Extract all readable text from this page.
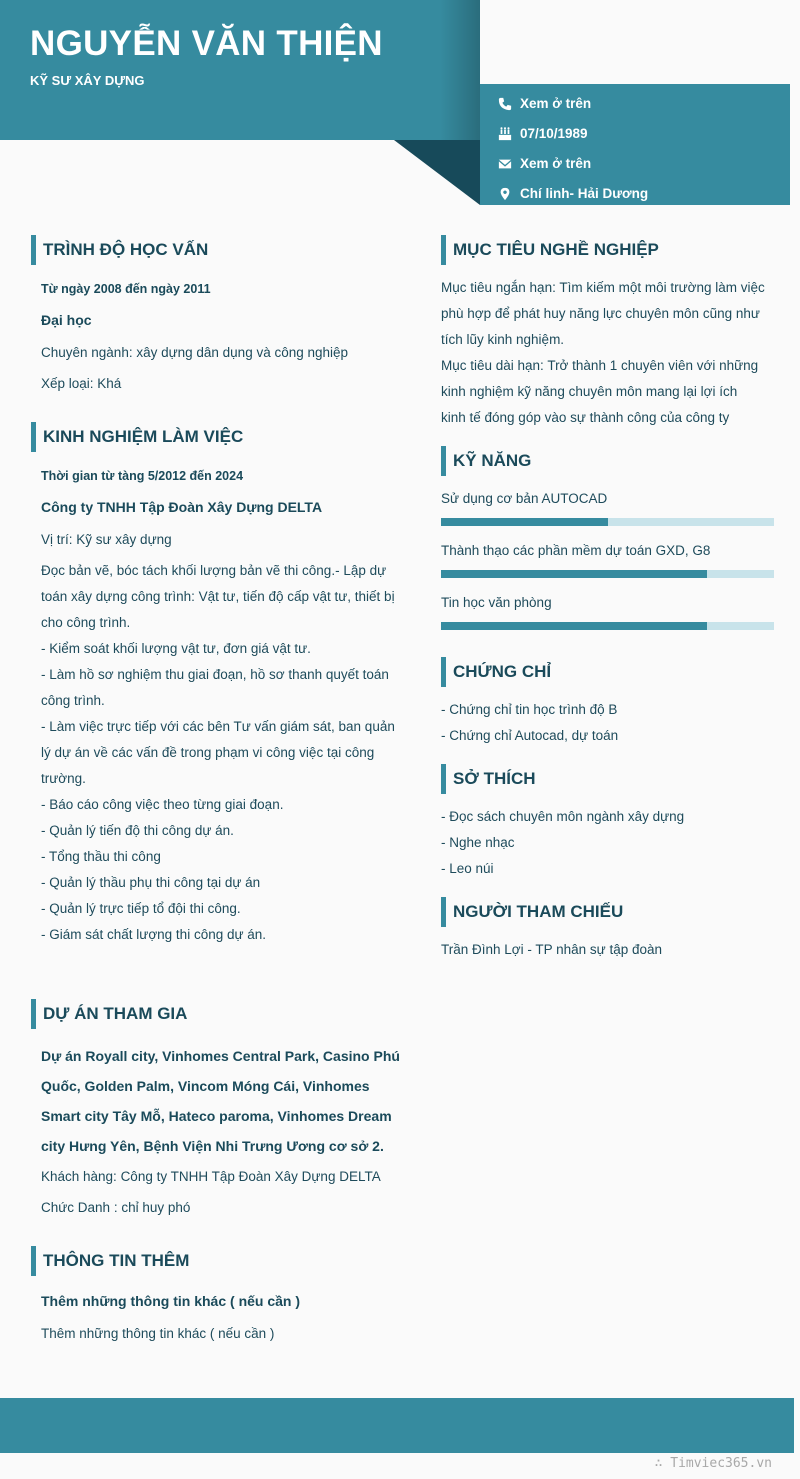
NGUYỄN VĂN THIỆN

KỸ SƯ XÂY DỰNG

Xem ở trên
07/10/1989
Xem ở trên
Chí linh- Hải Dương
TRÌNH ĐỘ HỌC VẤN

Từ ngày 2008 đến ngày 2011

Đại học

Chuyên ngành: xây dựng dân dụng và công nghiệp

Xếp loại: Khá

KINH NGHIỆM LÀM VIỆC

Thời gian từ tàng 5/2012 đến 2024

Công ty TNHH Tập Đoàn Xây Dựng DELTA

Vị trí: Kỹ sư xây dựng

Đọc bản vẽ, bóc tách khối lượng bản vẽ thi công.- Lập dự
toán xây dựng công trình: Vật tư, tiến độ cấp vật tư, thiết bị
cho công trình.
- Kiểm soát khối lượng vật tư, đơn giá vật tư.
- Làm hồ sơ nghiệm thu giai đoạn, hồ sơ thanh quyết toán
công trình.
- Làm việc trực tiếp với các bên Tư vấn giám sát, ban quản
lý dự án về các vấn đề trong phạm vi công việc tại công
trường.
- Báo cáo công việc theo từng giai đoạn.
- Quản lý tiến độ thi công dự án.
- Tổng thầu thi công
- Quản lý thầu phụ thi công tại dự án
- Quản lý trực tiếp tổ đội thi công.
- Giám sát chất lượng thi công dự án.
DỰ ÁN THAM GIA
Dự án Royall city, Vinhomes Central Park, Casino Phú
Quốc, Golden Palm, Vincom Móng Cái, Vinhomes
Smart city Tây Mỗ, Hateco paroma, Vinhomes Dream
city Hưng Yên, Bệnh Viện Nhi Trưng Ương cơ sở 2.

Khách hàng: Công ty TNHH Tập Đoàn Xây Dựng DELTA

Chức Danh : chỉ huy phó

THÔNG TIN THÊM

Thêm những thông tin khác ( nếu cần )

Thêm những thông tin khác ( nếu cần )

MỤC TIÊU NGHỀ NGHIỆP
Mục tiêu ngắn hạn: Tìm kiếm một môi trường làm việc
phù hợp để phát huy năng lực chuyên môn cũng như
tích lũy kinh nghiệm.
Mục tiêu dài hạn: Trở thành 1 chuyên viên với những
kinh nghiệm kỹ năng chuyên môn mang lại lợi ích
kinh tế đóng góp vào sự thành công của công ty
KỸ NĂNG

Sử dụng cơ bản AUTOCAD

Thành thạo các phần mềm dự toán GXD, G8

Tin học văn phòng

CHỨNG CHỈ
- Chứng chỉ tin học trình độ B
- Chứng chỉ Autocad, dự toán
SỞ THÍCH
- Đọc sách chuyên môn ngành xây dựng
- Nghe nhạc
- Leo núi
NGƯỜI THAM CHIẾU

Trần Đình Lợi - TP nhân sự tập đoàn

∴ Timviec365.vn
